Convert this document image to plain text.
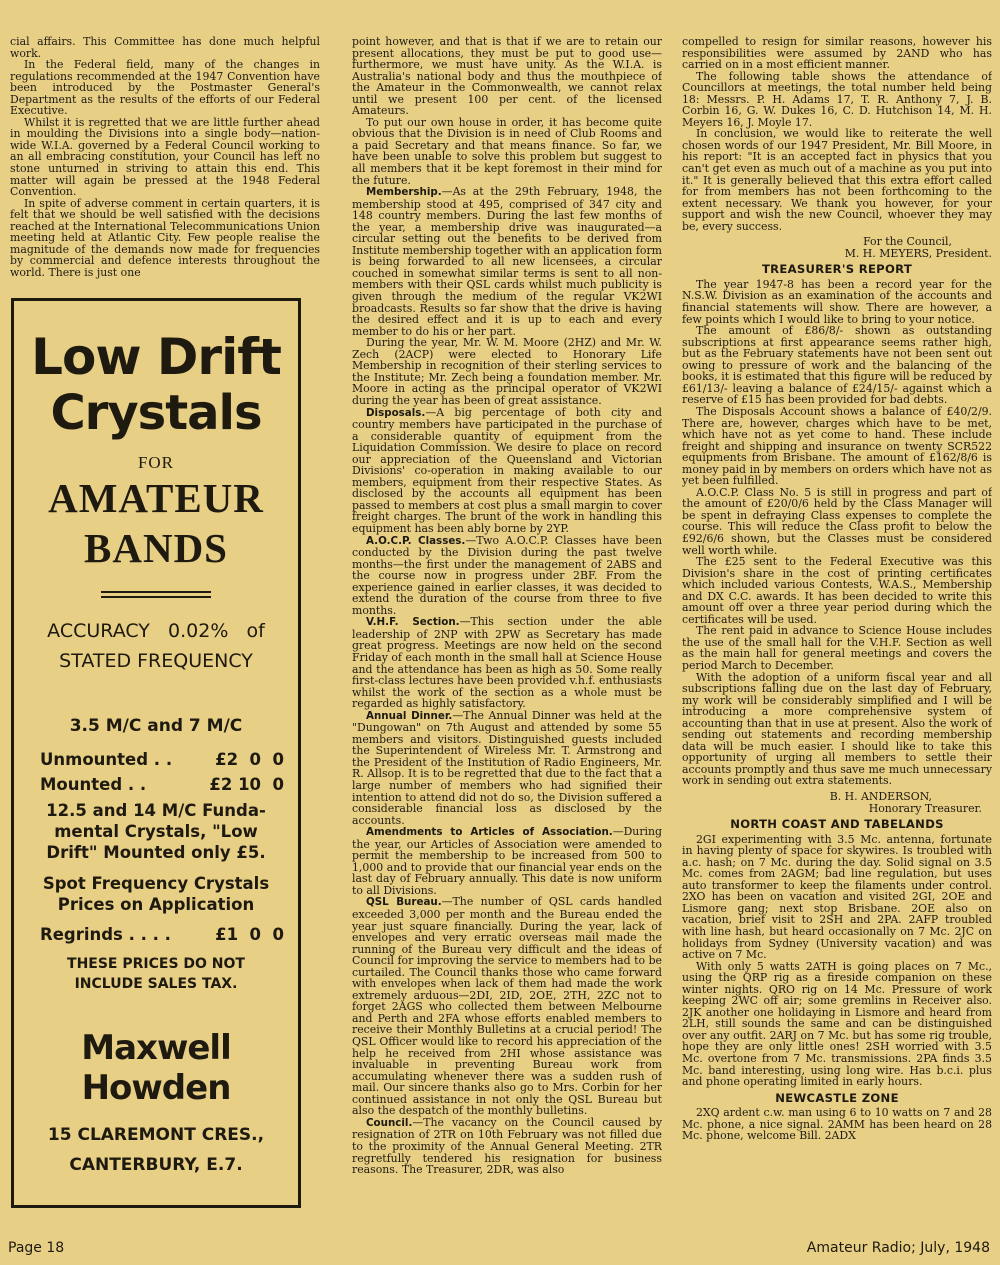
cial affairs. This Committee has done much helpful work.

In the Federal field, many of the changes in regulations recommended at the 1947 Convention have been introduced by the Postmaster General's Department as the results of the efforts of our Federal Executive.

Whilst it is regretted that we are little further ahead in moulding the Divisions into a single body—nation-wide W.I.A. governed by a Federal Council working to an all embracing constitution, your Council has left no stone unturned in striving to attain this end. This matter will again be pressed at the 1948 Federal Convention.

In spite of adverse comment in certain quarters, it is felt that we should be well satisfied with the decisions reached at the International Telecommunications Union meeting held at Atlantic City. Few people realise the magnitude of the demands now made for frequencies by commercial and defence interests throughout the world. There is just one

Low Drift
Crystals
FOR
AMATEUR
BANDS
ACCURACY   0.02%   of
STATED FREQUENCY
3.5 M/C and 7 M/C
Unmounted . .	£2  0  0
Mounted . .	£2 10  0
12.5 and 14 M/C Funda-
mental Crystals, "Low
Drift" Mounted only £5.
Spot Frequency Crystals
Prices on Application
Regrinds . . . .	£1  0  0
THESE PRICES DO NOT
INCLUDE SALES TAX.
Maxwell Howden
15 CLAREMONT CRES.,
CANTERBURY, E.7.

point however, and that is that if we are to retain our present allocations, they must be put to good use—furthermore, we must have unity. As the W.I.A. is Australia's national body and thus the mouthpiece of the Amateur in the Commonwealth, we cannot relax until we present 100 per cent. of the licensed Amateurs.

To put our own house in order, it has become quite obvious that the Division is in need of Club Rooms and a paid Secretary and that means finance. So far, we have been unable to solve this problem but suggest to all members that it be kept foremost in their mind for the future.

Membership.—As at the 29th February, 1948, the membership stood at 495, comprised of 347 city and 148 country members. During the last few months of the year, a membership drive was inaugurated—a circular setting out the benefits to be derived from Institute membership together with an application form is being forwarded to all new licensees, a circular couched in somewhat similar terms is sent to all non-members with their QSL cards whilst much publicity is given through the medium of the regular VK2WI broadcasts. Results so far show that the drive is having the desired effect and it is up to each and every member to do his or her part.

During the year, Mr. W. M. Moore (2HZ) and Mr. W. Zech (2ACP) were elected to Honorary Life Membership in recognition of their sterling services to the Institute; Mr. Zech being a foundation member. Mr. Moore in acting as the principal operator of VK2WI during the year has been of great assistance.

Disposals.—A big percentage of both city and country members have participated in the purchase of a considerable quantity of equipment from the Liquidation Commission. We desire to place on record our appreciation of the Queensland and Victorian Divisions' co-operation in making available to our members, equipment from their respective States. As disclosed by the accounts all equipment has been passed to members at cost plus a small margin to cover freight charges. The brunt of the work in handling this equipment has been ably borne by 2YP.

A.O.C.P. Classes.—Two A.O.C.P. Classes have been conducted by the Division during the past twelve months—the first under the management of 2ABS and the course now in progress under 2BF. From the experience gained in earlier classes, it was decided to extend the duration of the course from three to five months.

V.H.F. Section.—This section under the able leadership of 2NP with 2PW as Secretary has made great progress. Meetings are now held on the second Friday of each month in the small hall at Science House and the attendance has been as high as 50. Some really first-class lectures have been provided v.h.f. enthusiasts whilst the work of the section as a whole must be regarded as highly satisfactory.

Annual Dinner.—The Annual Dinner was held at the "Dungowan" on 7th August and attended by some 55 members and visitors. Distinguished guests included the Superintendent of Wireless Mr. T. Armstrong and the President of the Institution of Radio Engineers, Mr. R. Allsop. It is to be regretted that due to the fact that a large number of members who had signified their intention to attend did not do so, the Division suffered a considerable financial loss as disclosed by the accounts.

Amendments to Articles of Association.—During the year, our Articles of Association were amended to permit the membership to be increased from 500 to 1,000 and to provide that our financial year ends on the last day of February annually. This date is now uniform to all Divisions.

QSL Bureau.—The number of QSL cards handled exceeded 3,000 per month and the Bureau ended the year just square financially. During the year, lack of envelopes and very erratic overseas mail made the running of the Bureau very difficult and the ideas of Council for improving the service to members had to be curtailed. The Council thanks those who came forward with envelopes when lack of them had made the work extremely arduous—2DI, 2ID, 2OE, 2TH, 2ZC not to forget 2AGS who collected them between Melbourne and Perth and 2FA whose efforts enabled members to receive their Monthly Bulletins at a crucial period! The QSL Officer would like to record his appreciation of the help he received from 2HI whose assistance was invaluable in preventing Bureau work from accumulating whenever there was a sudden rush of mail. Our sincere thanks also go to Mrs. Corbin for her continued assistance in not only the QSL Bureau but also the despatch of the monthly bulletins.

Council.—The vacancy on the Council caused by resignation of 2TR on 10th February was not filled due to the proximity of the Annual General Meeting. 2TR regretfully tendered his resignation for business reasons. The Treasurer, 2DR, was also

compelled to resign for similar reasons, however his responsibilities were assumed by 2AND who has carried on in a most efficient manner.

The following table shows the attendance of Councillors at meetings, the total number held being 18: Messrs. P. H. Adams 17, T. R. Anthony 7, J. B. Corbin 16, G. W. Dukes 16, C. D. Hutchison 14, M. H. Meyers 16, J. Moyle 17.

In conclusion, we would like to reiterate the well chosen words of our 1947 President, Mr. Bill Moore, in his report: "It is an accepted fact in physics that you can't get even as much out of a machine as you put into it." It is generally believed that this extra effort called for from members has not been forthcoming to the extent necessary. We thank you however, for your support and wish the new Council, whoever they may be, every success.

For the Council,

M. H. MEYERS, President.

TREASURER'S REPORT

The year 1947-8 has been a record year for the N.S.W. Division as an examination of the accounts and financial statements will show. There are however, a few points which I would like to bring to your notice.

The amount of £86/8/- shown as outstanding subscriptions at first appearance seems rather high, but as the February statements have not been sent out owing to pressure of work and the balancing of the books, it is estimated that this figure will be reduced by £61/13/- leaving a balance of £24/15/- against which a reserve of £15 has been provided for bad debts.

The Disposals Account shows a balance of £40/2/9. There are, however, charges which have to be met, which have not as yet come to hand. These include freight and shipping and insurance on twenty SCR522 equipments from Brisbane. The amount of £162/8/6 is money paid in by members on orders which have not as yet been fulfilled.

A.O.C.P. Class No. 5 is still in progress and part of the amount of £20/0/6 held by the Class Manager will be spent in defraying Class expenses to complete the course. This will reduce the Class profit to below the £92/6/6 shown, but the Classes must be considered well worth while.

The £25 sent to the Federal Executive was this Division's share in the cost of printing certificates which included various Contests, W.A.S., Membership and DX C.C. awards. It has been decided to write this amount off over a three year period during which the certificates will be used.

The rent paid in advance to Science House includes the use of the small hall for the V.H.F. Section as well as the main hall for general meetings and covers the period March to December.

With the adoption of a uniform fiscal year and all subscriptions falling due on the last day of February, my work will be considerably simplified and I will be introducing a more comprehensive system of accounting than that in use at present. Also the work of sending out statements and recording membership data will be much easier. I should like to take this opportunity of urging all members to settle their accounts promptly and thus save me much unnecessary work in sending out extra statements.

B. H. ANDERSON,

Honorary Treasurer.

NORTH COAST AND TABELANDS

2GI experimenting with 3.5 Mc. antenna, fortunate in having plenty of space for skywires. Is troubled with a.c. hash; on 7 Mc. during the day. Solid signal on 3.5 Mc. comes from 2AGM; bad line regulation, but uses auto transformer to keep the filaments under control. 2XO has been on vacation and visited 2GI, 2OE and Lismore gang; next stop Brisbane. 2OE also on vacation, brief visit to 2SH and 2PA. 2AFP troubled with line hash, but heard occasionally on 7 Mc. 2JC on holidays from Sydney (University vacation) and was active on 7 Mc.

With only 5 watts 2ATH is going places on 7 Mc., using the QRP rig as a fireside companion on these winter nights. QRO rig on 14 Mc. Pressure of work keeping 2WC off air; some gremlins in Receiver also. 2JK another one holidaying in Lismore and heard from 2LH, still sounds the same and can be distinguished over any outfit. 2ARJ on 7 Mc. but has some rig trouble, hope they are only little ones! 2SH worried with 3.5 Mc. overtone from 7 Mc. transmissions. 2PA finds 3.5 Mc. band interesting, using long wire. Has b.c.i. plus and phone operating limited in early hours.

NEWCASTLE ZONE

2XQ ardent c.w. man using 6 to 10 watts on 7 and 28 Mc. phone, a nice signal. 2AMM has been heard on 28 Mc. phone, welcome Bill. 2ADX

Page 18	Amateur Radio; July, 1948
